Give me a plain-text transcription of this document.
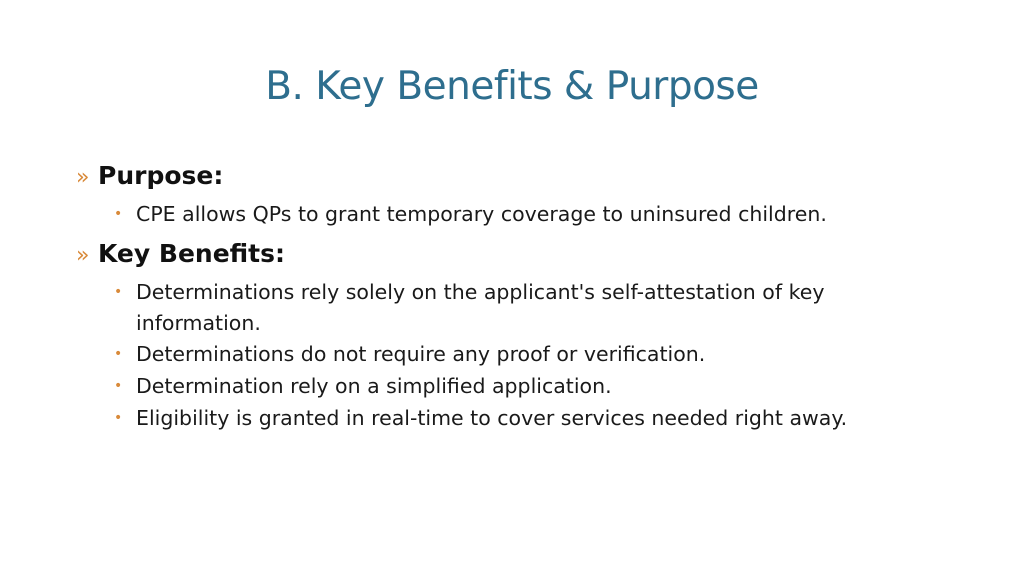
B. Key Benefits & Purpose
» Purpose:
• CPE allows QPs to grant temporary coverage to uninsured children.
» Key Benefits:
• Determinations rely solely on the applicant's self-attestation of key information.
• Determinations do not require any proof or verification.
• Determination rely on a simplified application.
• Eligibility is granted in real-time to cover services needed right away.
